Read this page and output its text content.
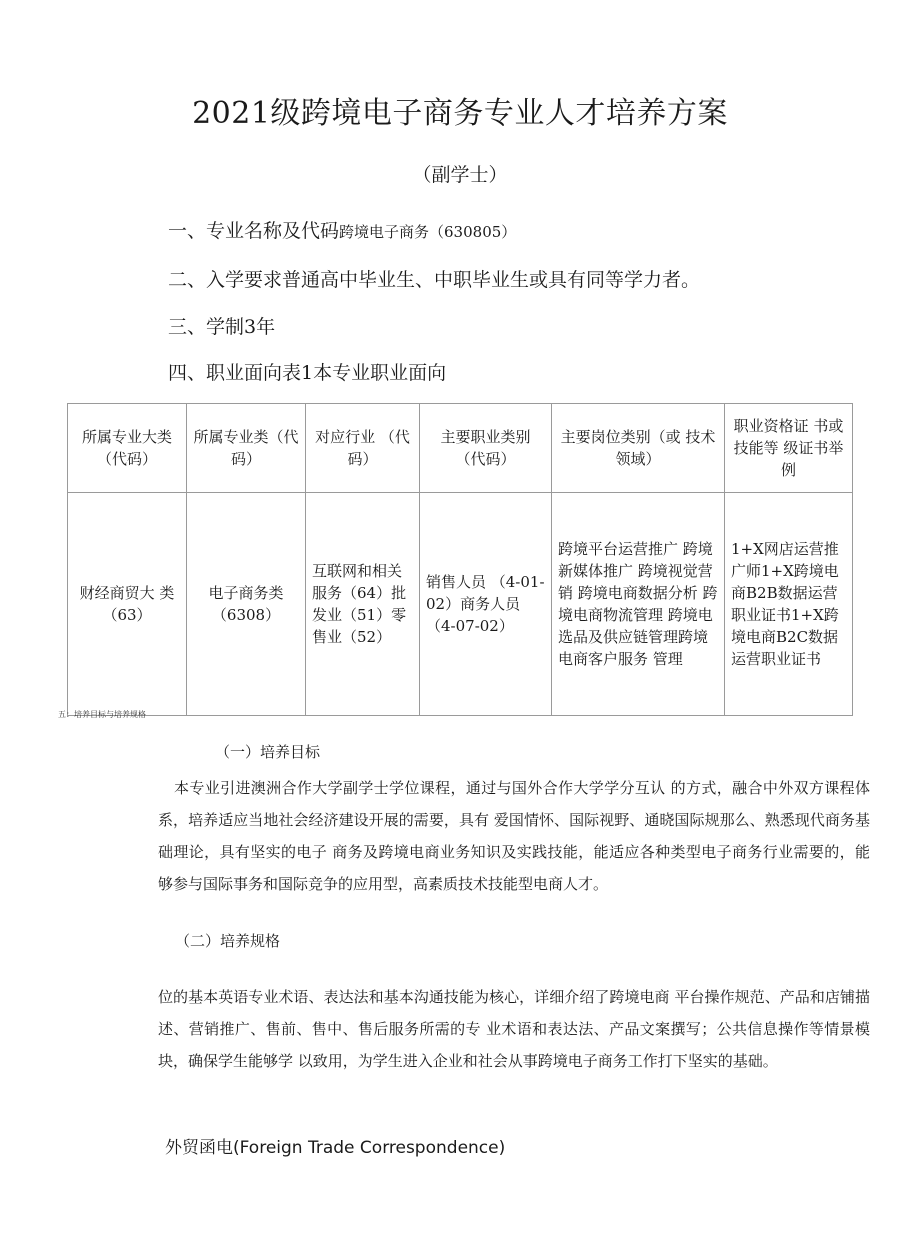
2021级跨境电子商务专业人才培养方案
（副学士）
一、专业名称及代码跨境电子商务（630805）
二、入学要求普通高中毕业生、中职毕业生或具有同等学力者。
三、学制3年
四、职业面向表1本专业职业面向
所属专业大类（代码）	所属专业类（代码）	对应行业 （代码）	主要职业类别（代码）	主要岗位类别（或 技术领域）	职业资格证 书或技能等 级证书举例
财经商贸大 类（63）	电子商务类（6308）	互联网和相关服务（64）批发业（51）零售业（52）	销售人员 （4-01-02）商务人员 （4-07-02）	跨境平台运营推广 跨境新媒体推广 跨境视觉营销 跨境电商数据分析 跨境电商物流管理 跨境电选品及供应链管理跨境电商客户服务 管理	1+X网店运营推广师1+X跨境电商B2B数据运营职业证书1+X跨境电商B2C数据运营职业证书
五：培养目标与培养规格
（一）培养目标
本专业引进澳洲合作大学副学士学位课程，通过与国外合作大学学分互认 的方式，融合中外双方课程体系，培养适应当地社会经济建设开展的需要，具有 爱国情怀、国际视野、通晓国际规那么、熟悉现代商务基础理论，具有坚实的电子 商务及跨境电商业务知识及实践技能，能适应各种类型电子商务行业需要的，能 够参与国际事务和国际竞争的应用型，高素质技术技能型电商人才。
（二）培养规格
位的基本英语专业术语、表达法和基本沟通技能为核心，详细介绍了跨境电商 平台操作规范、产品和店铺描述、营销推广、售前、售中、售后服务所需的专 业术语和表达法、产品文案撰写；公共信息操作等情景模块，确保学生能够学 以致用，为学生进入企业和社会从事跨境电子商务工作打下坚实的基础。
外贸函电(Foreign Trade Correspondence)
